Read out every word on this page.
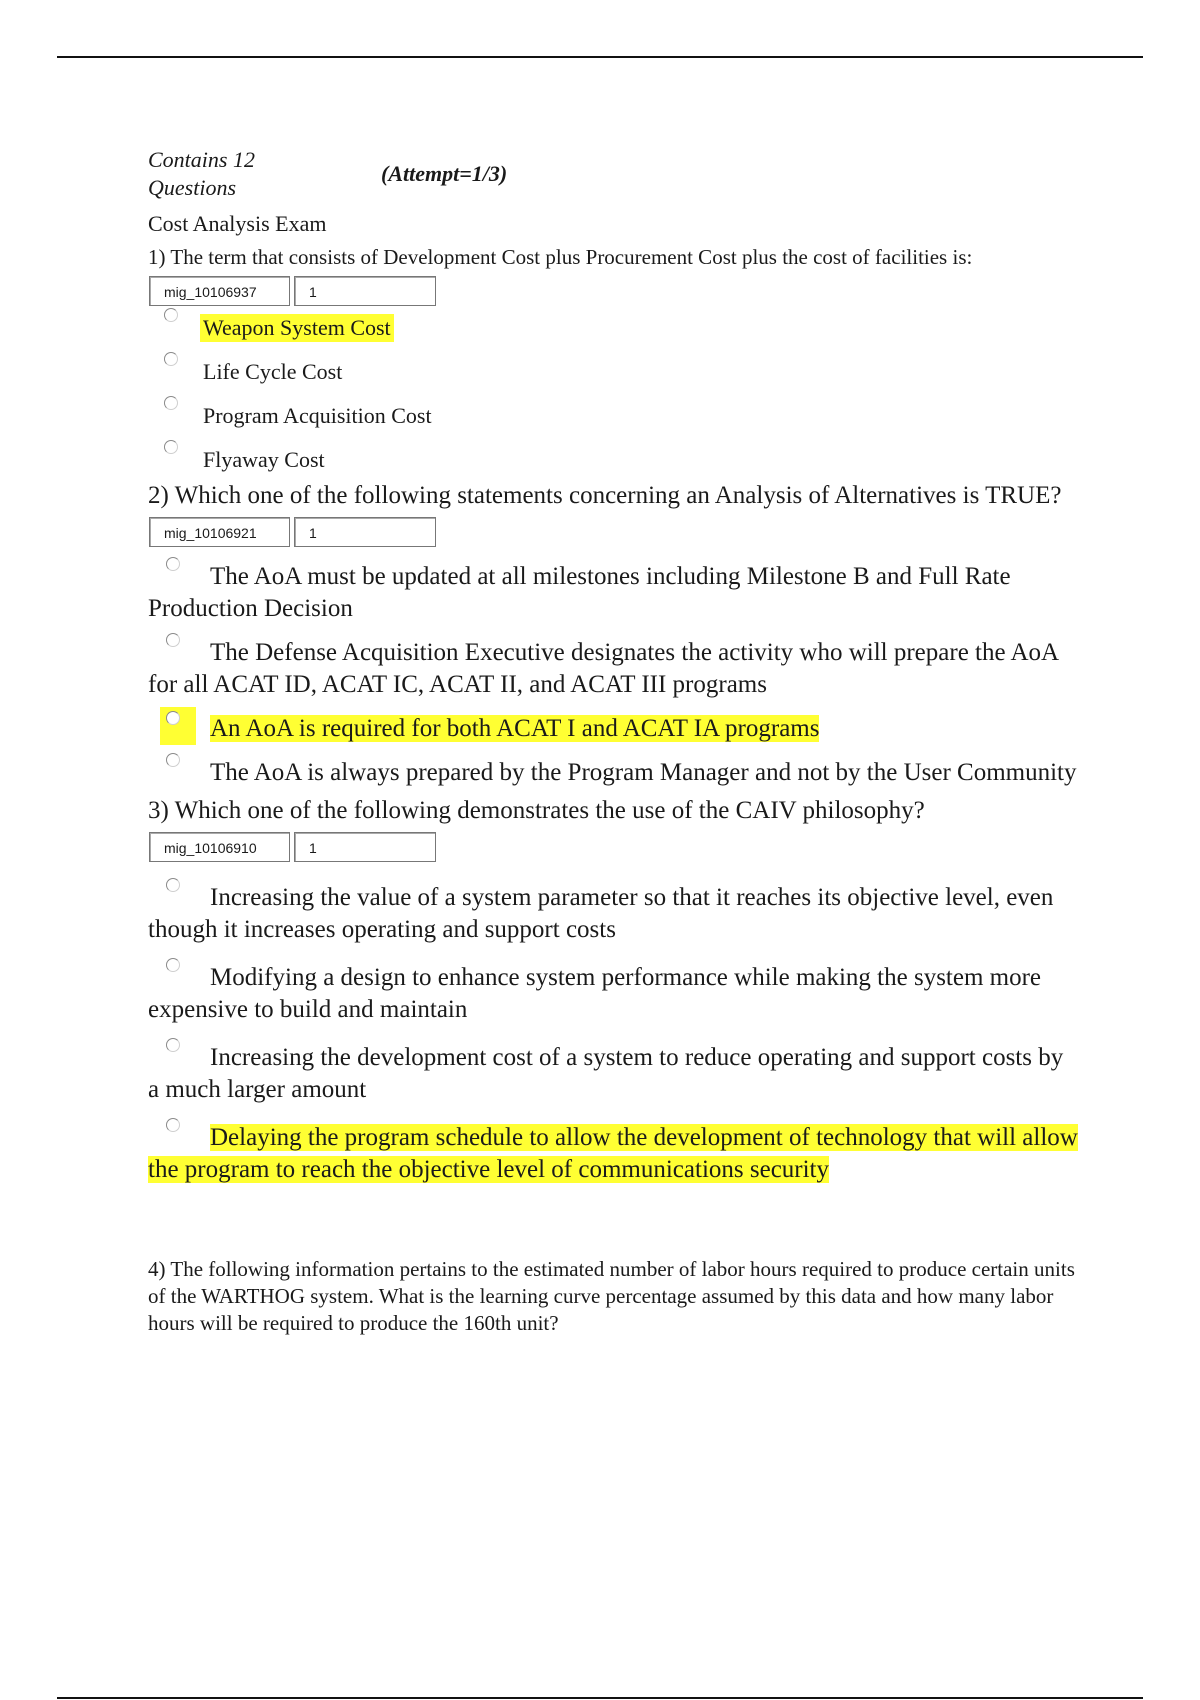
Contains 12 Questions
(Attempt=1/3)
Cost Analysis Exam
1) The term that consists of Development Cost plus Procurement Cost plus the cost of facilities is:
mig_10106937	1
Weapon System Cost
Life Cycle Cost
Program Acquisition Cost
Flyaway Cost
2) Which one of the following statements concerning an Analysis of Alternatives is TRUE?
mig_10106921	1
The AoA must be updated at all milestones including Milestone B and Full Rate Production Decision
The Defense Acquisition Executive designates the activity who will prepare the AoA for all ACAT ID, ACAT IC, ACAT II, and ACAT III programs
An AoA is required for both ACAT I and ACAT IA programs
The AoA is always prepared by the Program Manager and not by the User Community
3) Which one of the following demonstrates the use of the CAIV philosophy?
mig_10106910	1
Increasing the value of a system parameter so that it reaches its objective level, even though it increases operating and support costs
Modifying a design to enhance system performance while making the system more expensive to build and maintain
Increasing the development cost of a system to reduce operating and support costs by a much larger amount
Delaying the program schedule to allow the development of technology that will allow the program to reach the objective level of communications security
4) The following information pertains to the estimated number of labor hours required to produce certain units of the WARTHOG system. What is the learning curve percentage assumed by this data and how many labor hours will be required to produce the 160th unit?
